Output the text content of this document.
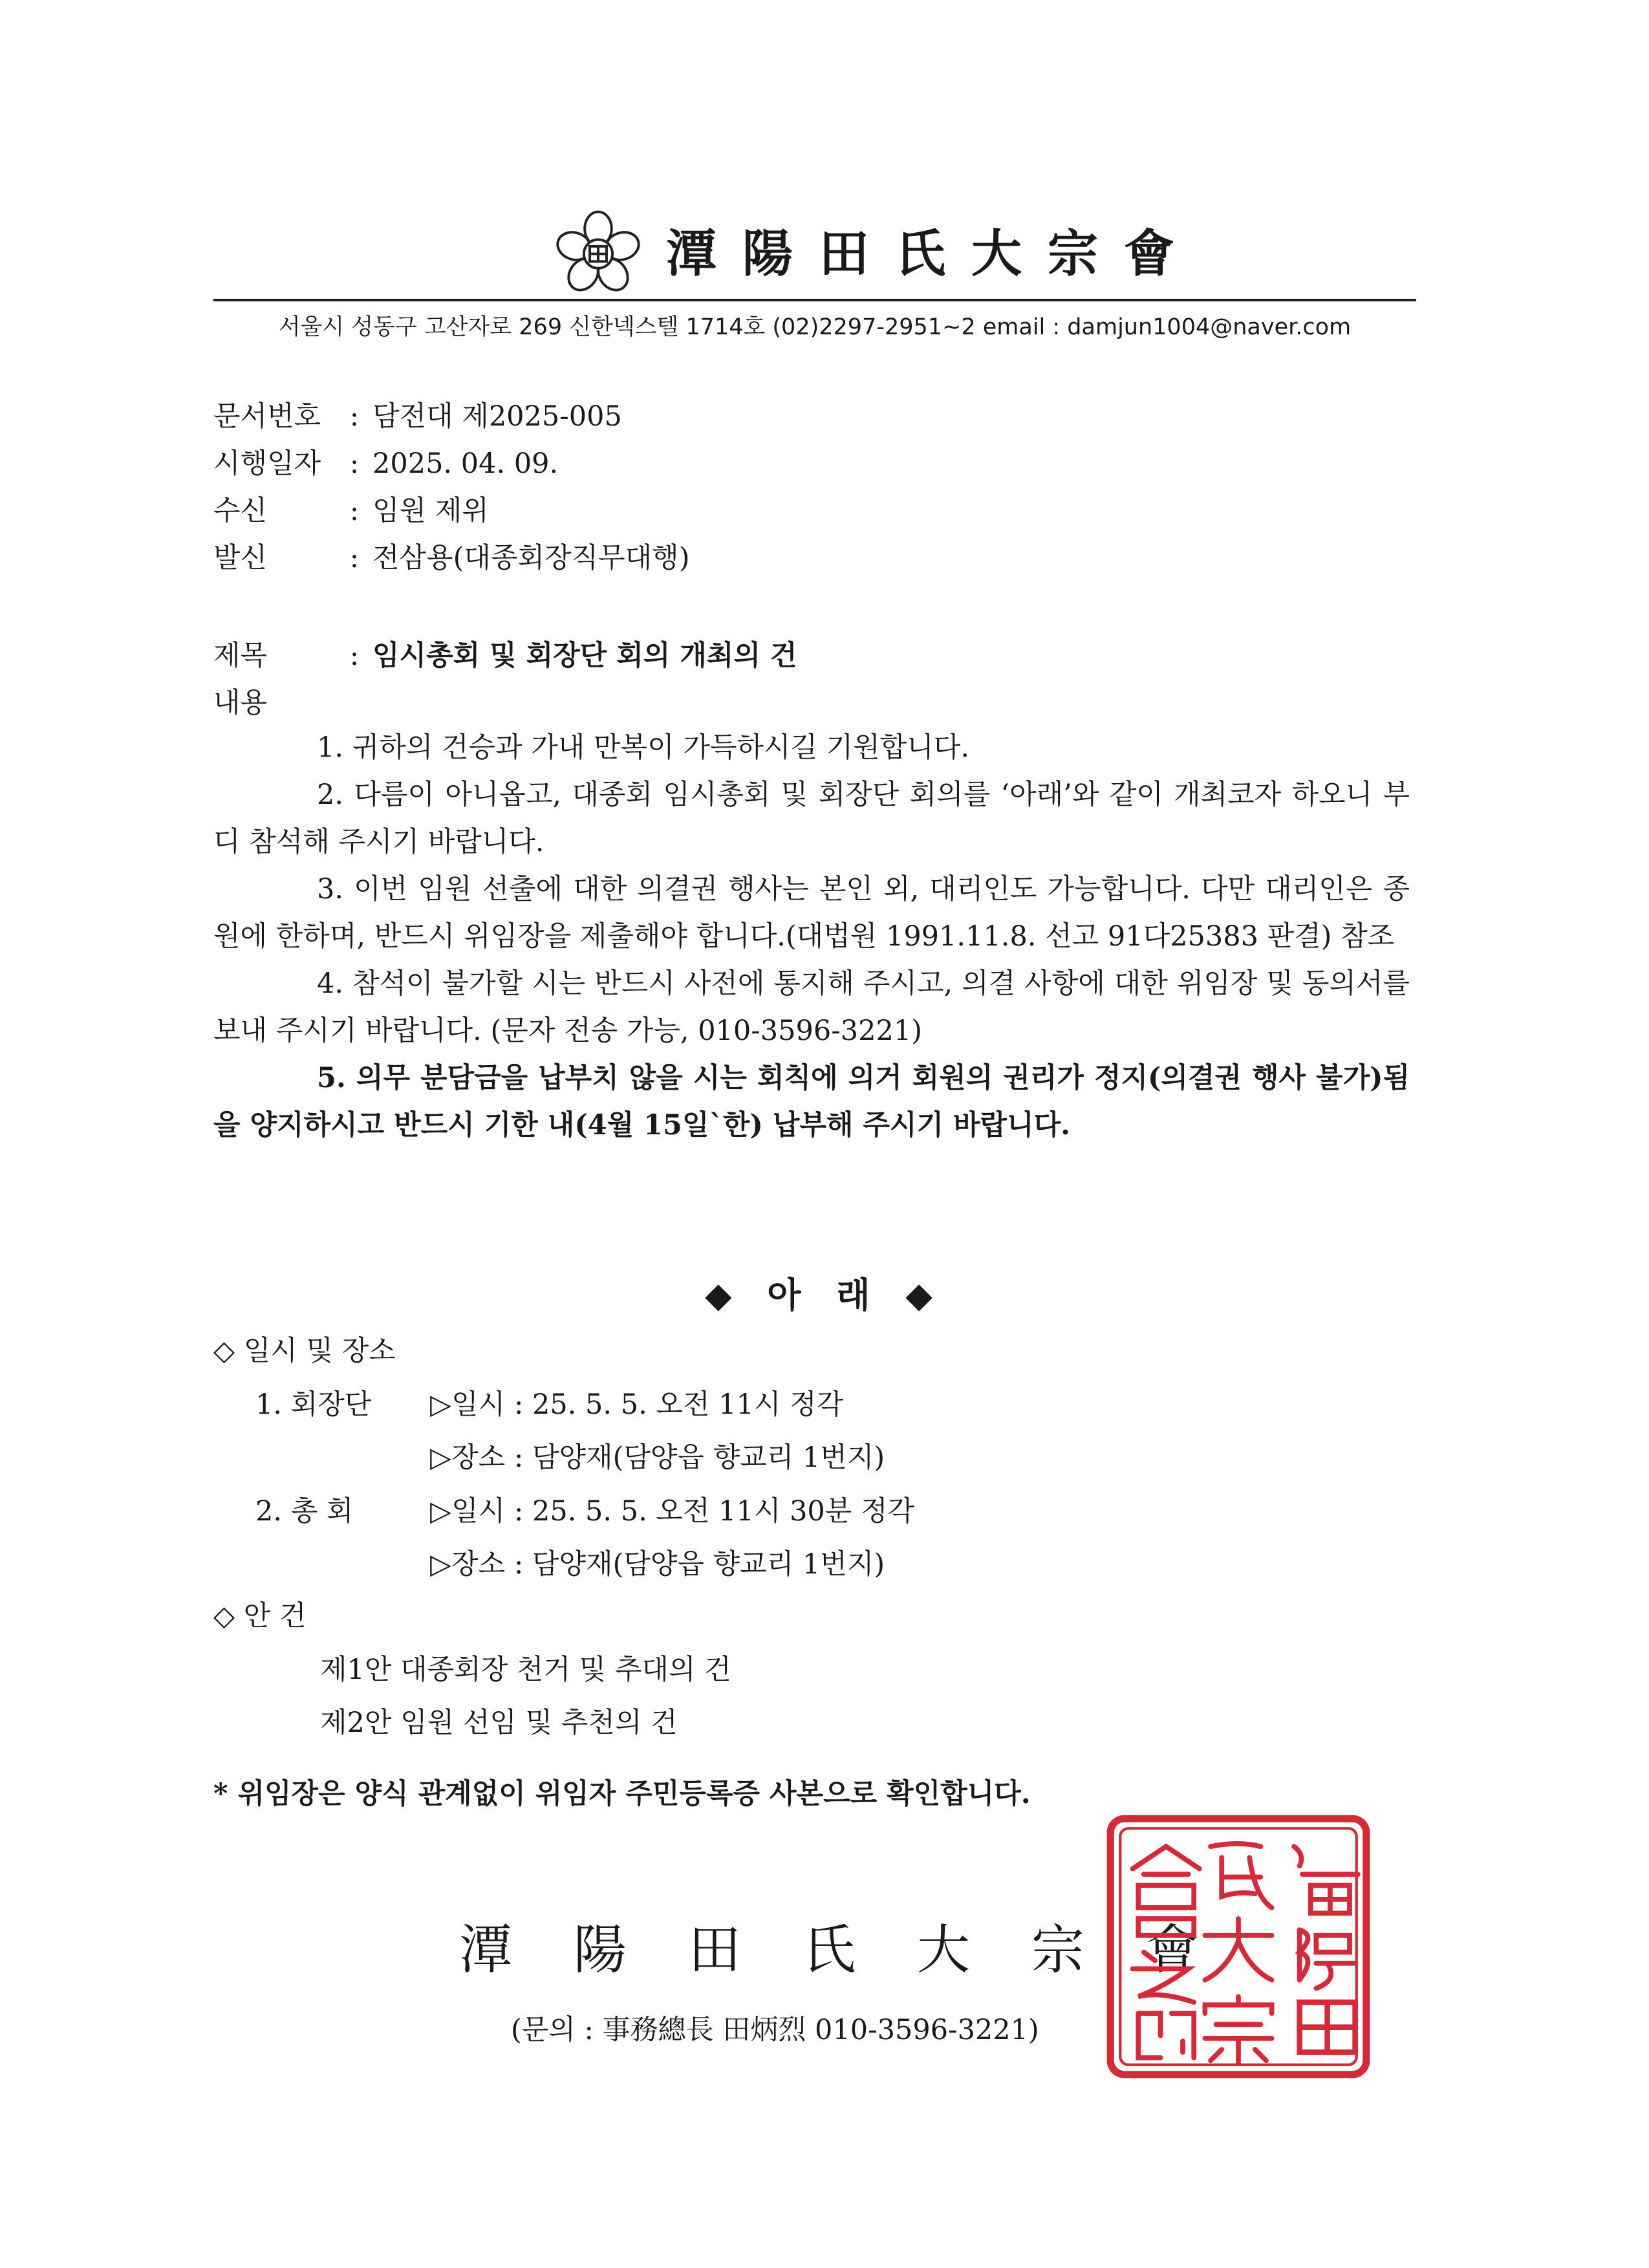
潭陽田氏大宗會
서울시 성동구 고산자로 269 신한넥스텔 1714호 (02)2297-2951~2 email : damjun1004@naver.com
문서번호 : 담전대 제2025-005
시행일자 : 2025. 04. 09.
수신	: 임원 제위
발신	: 전삼용(대종회장직무대행)
제목	: 임시총회 및 회장단 회의 개최의 건
내용

1. 귀하의 건승과 가내 만복이 가득하시길 기원합니다.

2. 다름이 아니옵고, 대종회 임시총회 및 회장단 회의를 ‘아래’와 같이 개최코자 하오니 부디 참석해 주시기 바랍니다.

3. 이번 임원 선출에 대한 의결권 행사는 본인 외, 대리인도 가능합니다. 다만 대리인은 종원에 한하며, 반드시 위임장을 제출해야 합니다.(대법원 1991.11.8. 선고 91다25383 판결) 참조

4. 참석이 불가할 시는 반드시 사전에 통지해 주시고, 의결 사항에 대한 위임장 및 동의서를 보내 주시기 바랍니다. (문자 전송 가능, 010-3596-3221)

5. 의무 분담금을 납부치 않을 시는 회칙에 의거 회원의 권리가 정지(의결권 행사 불가)됨을 양지하시고 반드시 기한 내(4월 15일`한) 납부해 주시기 바랍니다.

◆ 아 래 ◆
◇ 일시 및 장소
1. 회장단 ▷일시 : 25. 5. 5. 오전 11시 정각
▷장소 : 담양재(담양읍 향교리 1번지)
2. 총 회	▷일시 : 25. 5. 5. 오전 11시 30분 정각
▷장소 : 담양재(담양읍 향교리 1번지)
◇ 안 건
제1안 대종회장 천거 및 추대의 건
제2안 임원 선임 및 추천의 건
* 위임장은 양식 관계없이 위임자 주민등록증 사본으로 확인합니다.
潭陽田氏大宗會
(문의 : 事務總長 田炳烈 010-3596-3221)
